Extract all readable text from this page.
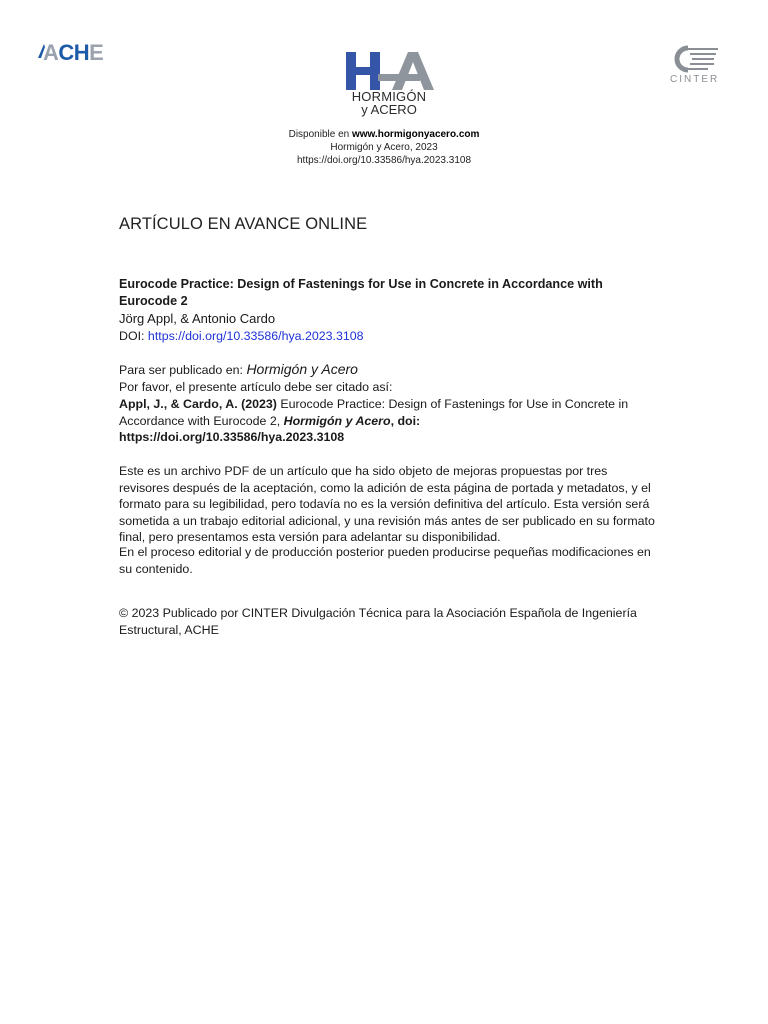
ACHE
HORMIGÓN
y ACERO
CINTER
Disponible en www.hormigonyacero.com
Hormigón y Acero, 2023
https://doi.org/10.33586/hya.2023.3108
ARTÍCULO EN AVANCE ONLINE
Eurocode Practice: Design of Fastenings for Use in Concrete in Accordance with Eurocode 2
Jörg Appl, & Antonio Cardo
DOI: https://doi.org/10.33586/hya.2023.3108
Para ser publicado en: Hormigón y Acero
Por favor, el presente artículo debe ser citado así:
Appl, J., & Cardo, A. (2023) Eurocode Practice: Design of Fastenings for Use in Concrete in Accordance with Eurocode 2, Hormigón y Acero, doi:
https://doi.org/10.33586/hya.2023.3108
Este es un archivo PDF de un artículo que ha sido objeto de mejoras propuestas por tres revisores después de la aceptación, como la adición de esta página de portada y metadatos, y el formato para su legibilidad, pero todavía no es la versión definitiva del artículo. Esta versión será sometida a un trabajo editorial adicional, y una revisión más antes de ser publicado en su formato final, pero presentamos esta versión para adelantar su disponibilidad.
En el proceso editorial y de producción posterior pueden producirse pequeñas modificaciones en su contenido.
© 2023 Publicado por CINTER Divulgación Técnica para la Asociación Española de Ingeniería Estructural, ACHE
